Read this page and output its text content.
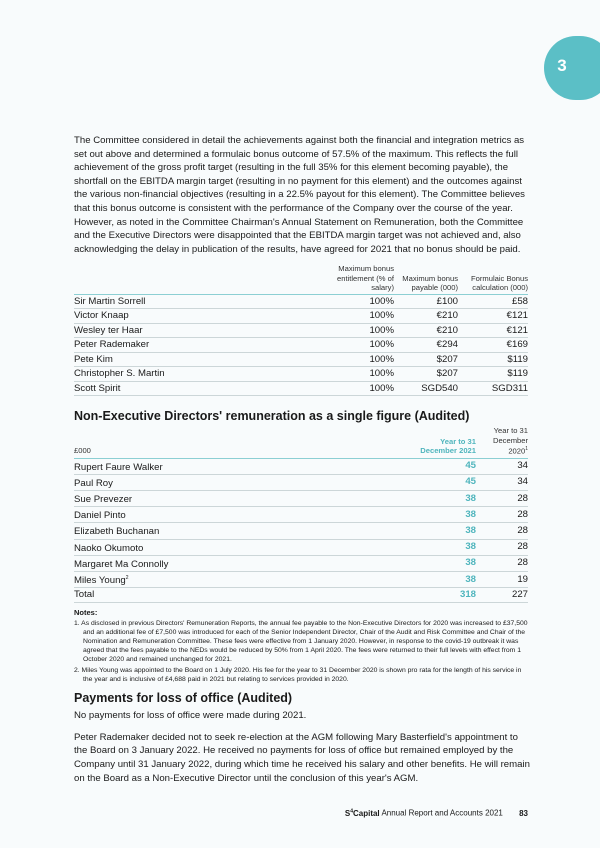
3

The Committee considered in detail the achievements against both the financial and integration metrics as set out above and determined a formulaic bonus outcome of 57.5% of the maximum. This reflects the full achievement of the gross profit target (resulting in the full 35% for this element becoming payable), the shortfall on the EBITDA margin target (resulting in no payment for this element) and the outcomes against the various non-financial objectives (resulting in a 22.5% payout for this element). The Committee believes that this bonus outcome is consistent with the performance of the Company over the course of the year. However, as noted in the Committee Chairman's Annual Statement on Remuneration, both the Committee and the Executive Directors were disappointed that the EBITDA margin target was not achieved and, also acknowledging the delay in publication of the results, have agreed for 2021 that no bonus should be paid.

	Maximum bonus entitlement (% of salary)	Maximum bonus payable (000)	Formulaic Bonus calculation (000)
Sir Martin Sorrell	100%	£100	£58
Victor Knaap	100%	€210	€121
Wesley ter Haar	100%	€210	€121
Peter Rademaker	100%	€294	€169
Pete Kim	100%	$207	$119
Christopher S. Martin	100%	$207	$119
Scott Spirit	100%	SGD540	SGD311
Non-Executive Directors' remuneration as a single figure (Audited)
£000	Year to 31 December 2021	Year to 31 December 2020$^1$
Rupert Faure Walker	45	34
Paul Roy	45	34
Sue Prevezer	38	28
Daniel Pinto	38	28
Elizabeth Buchanan	38	28
Naoko Okumoto	38	28
Margaret Ma Connolly	38	28
Miles Young$^2$	38	19
Total	318	227
Notes:
1. As disclosed in previous Directors' Remuneration Reports, the annual fee payable to the Non-Executive Directors for 2020 was increased to £37,500 and an additional fee of £7,500 was introduced for each of the Senior Independent Director, Chair of the Audit and Risk Committee and Chair of the Nomination and Remuneration Committee. These fees were effective from 1 January 2020. However, in response to the covid-19 outbreak it was agreed that the fees payable to the NEDs would be reduced by 50% from 1 April 2020. The fees were returned to their full levels with effect from 1 October 2020 and remained unchanged for 2021.
2. Miles Young was appointed to the Board on 1 July 2020. His fee for the year to 31 December 2020 is shown pro rata for the length of his service in the year and is inclusive of £4,688 paid in 2021 but relating to services provided in 2020.
Payments for loss of office (Audited)

No payments for loss of office were made during 2021.

Peter Rademaker decided not to seek re-election at the AGM following Mary Basterfield's appointment to the Board on 3 January 2022. He received no payments for loss of office but remained employed by the Company until 31 January 2022, during which time he received his salary and other benefits. He will remain on the Board as a Non-Executive Director until the conclusion of this year's AGM.

$S^4Capital$ Annual Report and Accounts 2021 83
